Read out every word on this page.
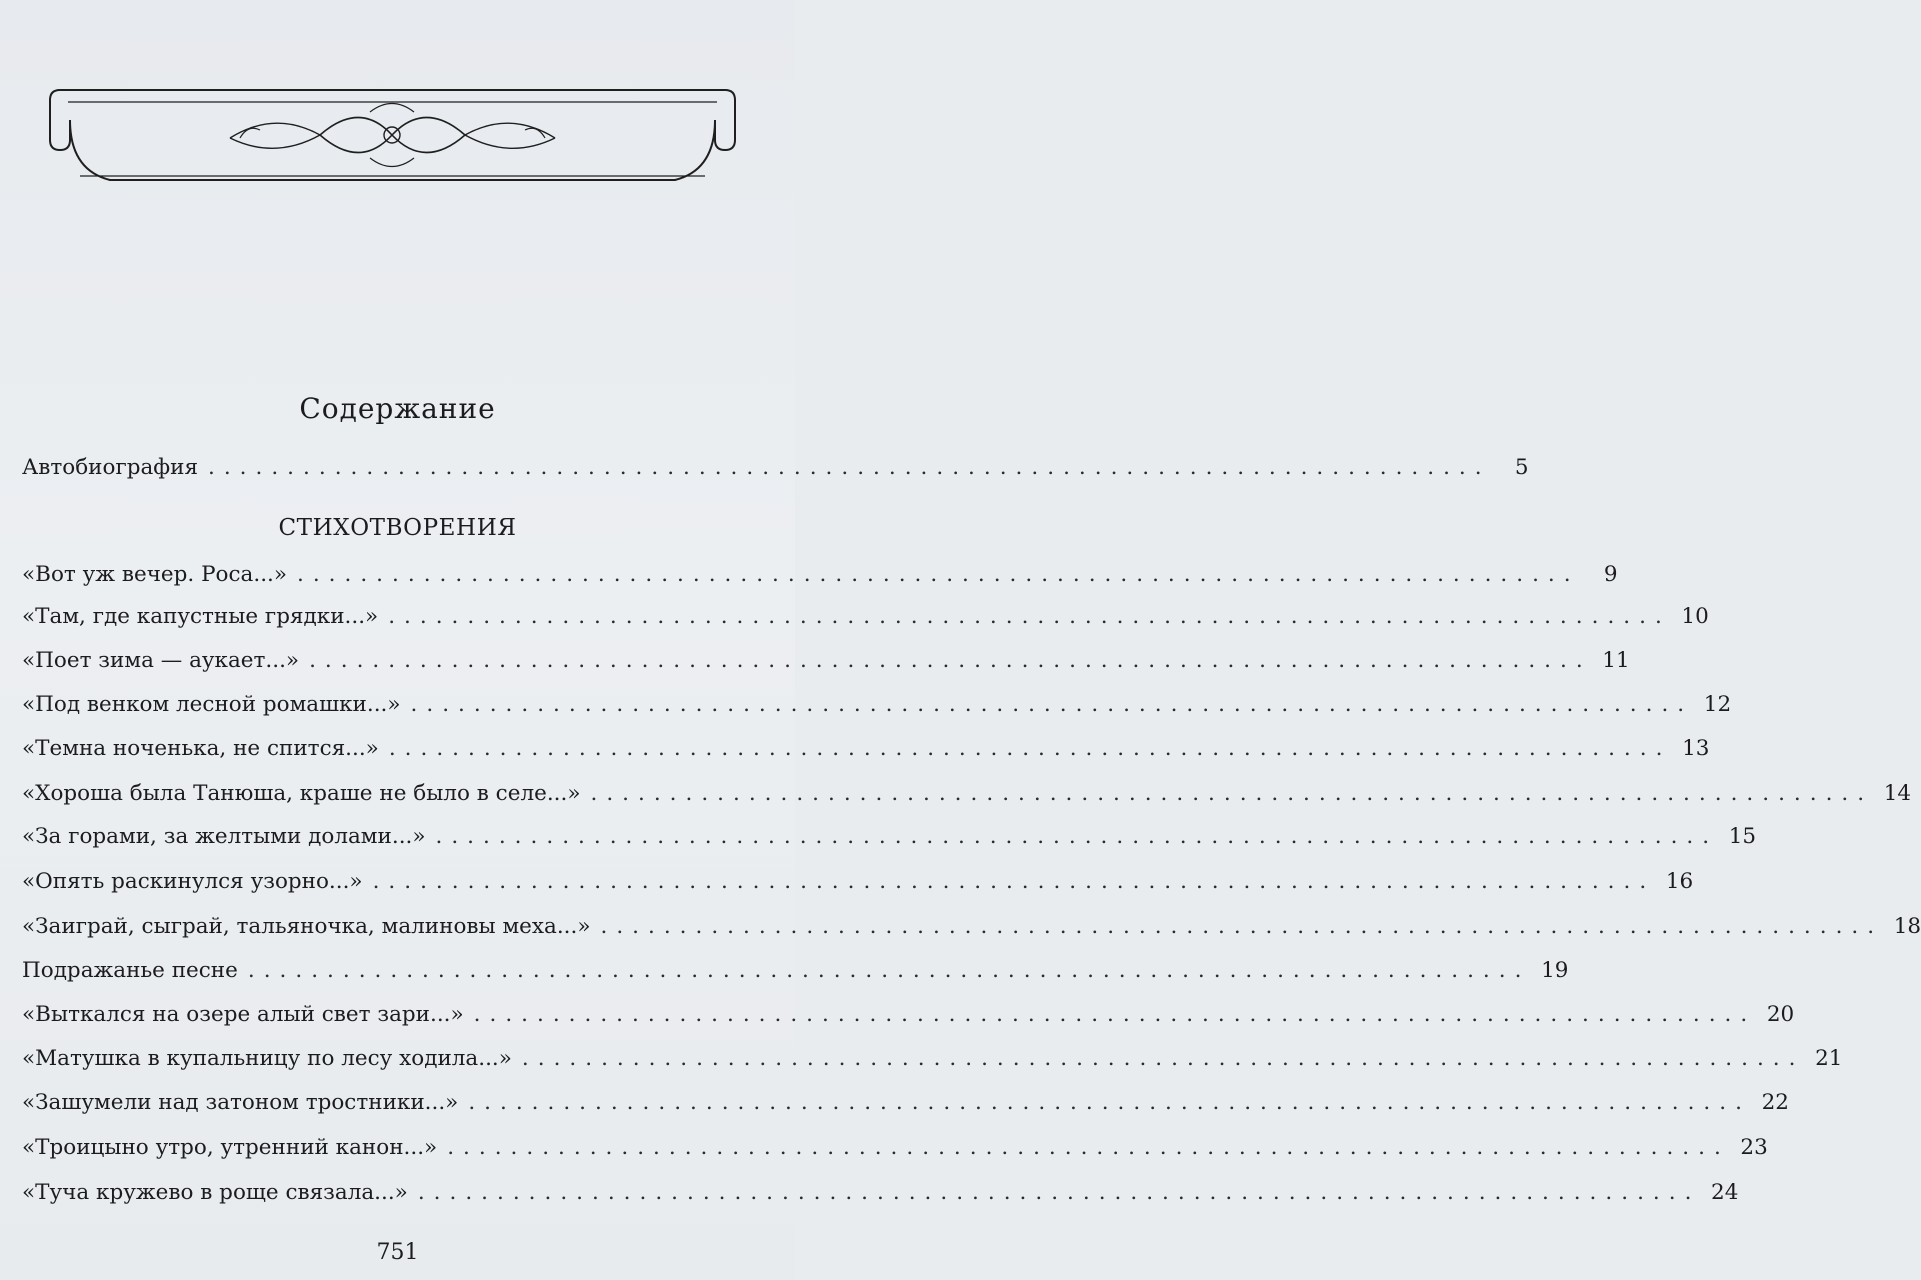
Содержание
Автобиография .................................................................................	5
СТИХОТВОРЕНИЯ
«Вот уж вечер. Роса...» .................................................................................	9
«Там, где капустные грядки...» ................................................................................. 10
«Поет зима — аукает...» ................................................................................. 11
«Под венком лесной ромашки...» ................................................................................. 12
«Темна ноченька, не спится...» ................................................................................. 13
«Хороша была Танюша, краше не было в селе...» ................................................................................. 14
«За горами, за желтыми долами...» ................................................................................. 15
«Опять раскинулся узорно...» ................................................................................. 16
«Заиграй, сыграй, тальяночка, малиновы меха...» ................................................................................. 18
Подражанье песне ................................................................................. 19
«Выткался на озере алый свет зари...» ................................................................................. 20
«Матушка в купальницу по лесу ходила...» ................................................................................. 21
«Зашумели над затоном тростники...» ................................................................................. 22
«Троицыно утро, утренний канон...» ................................................................................. 23
«Туча кружево в роще связала...» ................................................................................. 24
751
